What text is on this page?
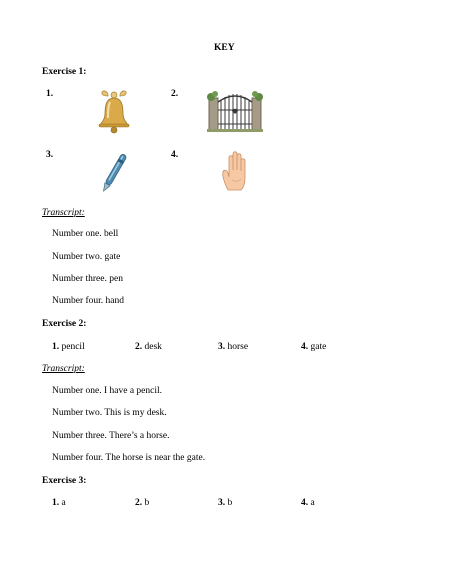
KEY
Exercise 1:
1.	2.
3.	4.
Transcript:
Number one. bell
Number two. gate
Number three. pen
Number four. hand
Exercise 2:
1. pencil	2. desk	3. horse	4. gate
Transcript:
Number one. I have a pencil.
Number two. This is my desk.
Number three. There’s a horse.
Number four. The horse is near the gate.
Exercise 3:
1. a	2. b	3. b	4. a
